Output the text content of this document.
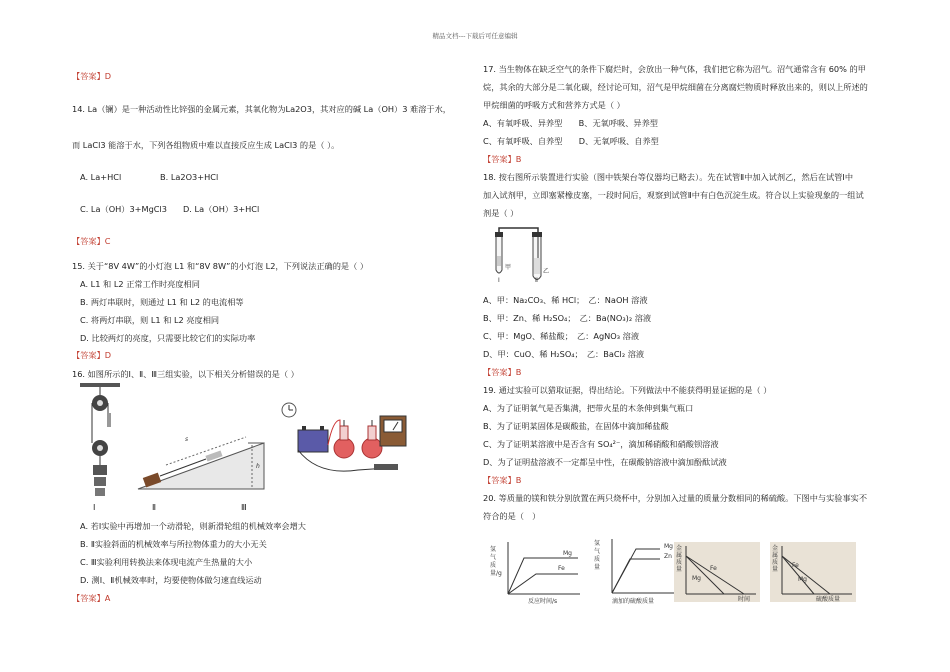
精品文档---下载后可任意编辑
【答案】D
14. La（镧）是一种活动性比锌强的金属元素，其氧化物为La2O3，其对应的碱 La（OH）3 难溶于水，
而 LaCl3 能溶于水，下列各组物质中难以直接反应生成 LaCl3 的是（ ）。
A. La+HCl	B. La2O3+HCl
C. La（OH）3+MgCl3 D. La（OH）3+HCl
【答案】C
15. 关于“8V 4W”的小灯泡 L1 和“8V 8W”的小灯泡 L2，下列说法正确的是（ ）
A. L1 和 L2 正常工作时亮度相同
B. 两灯串联时，则通过 L1 和 L2 的电流相等
C. 将两灯串联，则 L1 和 L2 亮度相同
D. 比较两灯的亮度，只需要比较它们的实际功率
【答案】D
16. 如图所示的Ⅰ、Ⅱ、Ⅲ三组实验，以下相关分析错误的是（ ）
s
h
Ⅰ	Ⅱ	Ⅲ
A. 若Ⅰ实验中再增加一个动滑轮，则新滑轮组的机械效率会增大
B. Ⅱ实验斜面的机械效率与所拉物体重力的大小无关
C. Ⅲ实验利用转换法来体现电流产生热量的大小
D. 测Ⅰ、Ⅱ机械效率时，均要使物体做匀速直线运动
【答案】A
17. 当生物体在缺乏空气的条件下腐烂时，会放出一种气体，我们把它称为沼气。沼气通常含有 60% 的甲
烷，其余的大部分是二氧化碳，经讨论可知，沼气是甲烷细菌在分离腐烂物质时释放出来的，则以上所述的
甲烷细菌的呼吸方式和营养方式是（ ）
A、有氧呼吸、异养型　　B、无氧呼吸、异养型
C、有氧呼吸、自养型　　D、无氧呼吸、自养型
【答案】B
18. 按右图所示装置进行实验（图中铁架台等仪器均已略去）。先在试管Ⅱ中加入试剂乙，然后在试管Ⅰ中
加入试剂甲，立即塞紧橡皮塞，一段时间后，观察到试管Ⅱ中有白色沉淀生成。符合以上实验现象的一组试
剂是（ ）
甲
乙
Ⅰ	Ⅱ
A、甲：Na₂CO₃、稀 HCl；　乙：NaOH 溶液
B、甲：Zn、稀 H₂SO₄；　乙：Ba(NO₃)₂ 溶液
C、甲：MgO、稀盐酸；　乙：AgNO₃ 溶液
D、甲：CuO、稀 H₂SO₄；　乙：BaCl₂ 溶液
【答案】B
19. 通过实验可以猎取证据，得出结论。下列做法中不能获得明显证据的是（ ）
A、为了证明氧气是否集满，把带火星的木条伸到集气瓶口
B、为了证明某固体是碳酸盐，在固体中滴加稀盐酸
C、为了证明某溶液中是否含有 SO₄²⁻，滴加稀硝酸和硝酸钡溶液
D、为了证明盐溶液不一定都呈中性，在碳酸钠溶液中滴加酚酞试液
【答案】B
20. 等质量的镁和铁分别放置在两只烧杯中，分别加入过量的质量分数相同的稀硫酸。下图中与实验事实不
符合的是（　）
氢气质量/g
Mg
Fe
反应时间/s
氢气质量
Mg
Zn
滴加的硫酸质量
金属质量	Fe
Mg
时间
金属质量
Fe
Mg
硫酸质量
